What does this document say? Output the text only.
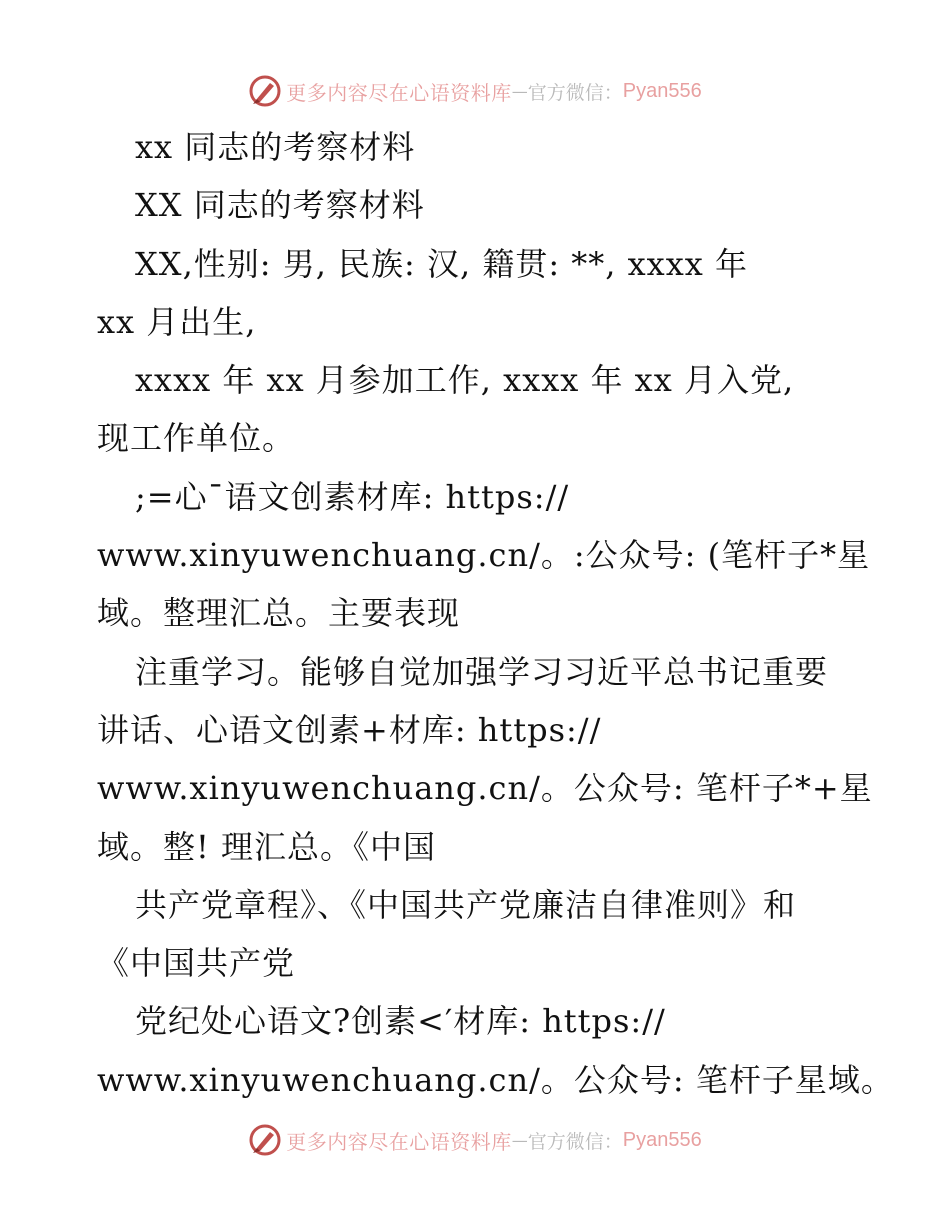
更多内容尽在心语资料库 — 官方微信： Pyan556
xx 同志的考察材料
XX 同志的考察材料
XX,性别: 男, 民族: 汉, 籍贯: **, xxxx 年
xx 月出生,
xxxx 年 xx 月参加工作, xxxx 年 xx 月入党,
现工作单位。
;=心¯语文创素材库: https://
www.xinyuwenchuang.cn/。:公众号: (笔杆子*星
域。整理汇总。主要表现
注重学习。能够自觉加强学习习近平总书记重要
讲话、心语文创素+材库: https://
www.xinyuwenchuang.cn/。公众号: 笔杆子*+星
域。整! 理汇总。《中国
共产党章程》、《中国共产党廉洁自律准则》和
《中国共产党
党纪处心语文?创素<′材库: https://
www.xinyuwenchuang.cn/。公众号: 笔杆子星域。
更多内容尽在心语资料库 — 官方微信： Pyan556
